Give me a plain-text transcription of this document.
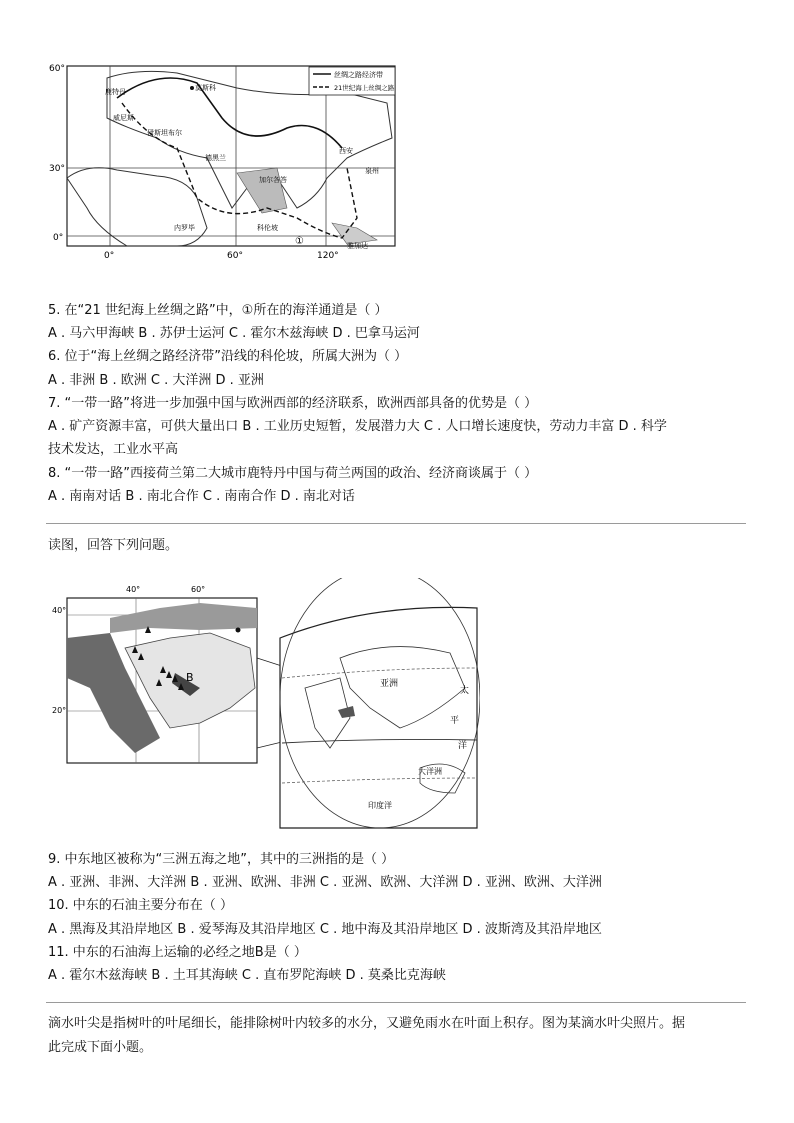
丝绸之路经济带
21世纪海上丝绸之路
60°
30°
0°
0°	60°	120°
莫斯科
鹿特丹
威尼斯
伊斯坦布尔
德黑兰
西安
泉州
加尔各答
科伦坡
内罗毕
雅加达
①
5. 在“21 世纪海上丝绸之路”中，①所在的海洋通道是（ ）
A . 马六甲海峡 B . 苏伊士运河 C . 霍尔木兹海峡 D . 巴拿马运河
6. 位于“海上丝绸之路经济带”沿线的科伦坡，所属大洲为（ ）
A . 非洲 B . 欧洲 C . 大洋洲 D . 亚洲
7. “一带一路”将进一步加强中国与欧洲西部的经济联系，欧洲西部具备的优势是（ ）
A . 矿产资源丰富，可供大量出口 B . 工业历史短暂，发展潜力大 C . 人口增长速度快，劳动力丰富 D . 科学
技术发达，工业水平高
8. “一带一路”西接荷兰第二大城市鹿特丹中国与荷兰两国的政治、经济商谈属于（ ）
A . 南南对话 B . 南北合作 C . 南南合作 D . 南北对话
读图，回答下列问题。
B
40°
20°
40°	60°
亚洲
太
平
洋
大洋洲
印度洋
9. 中东地区被称为“三洲五海之地”，其中的三洲指的是（ ）
A . 亚洲、非洲、大洋洲 B . 亚洲、欧洲、非洲 C . 亚洲、欧洲、大洋洲 D . 亚洲、欧洲、大洋洲
10. 中东的石油主要分布在（ ）
A . 黑海及其沿岸地区 B . 爱琴海及其沿岸地区 C . 地中海及其沿岸地区 D . 波斯湾及其沿岸地区
11. 中东的石油海上运输的必经之地B是（ ）
A . 霍尔木兹海峡 B . 土耳其海峡 C . 直布罗陀海峡 D . 莫桑比克海峡
滴水叶尖是指树叶的叶尾细长，能排除树叶内较多的水分，又避免雨水在叶面上积存。图为某滴水叶尖照片。据
此完成下面小题。
